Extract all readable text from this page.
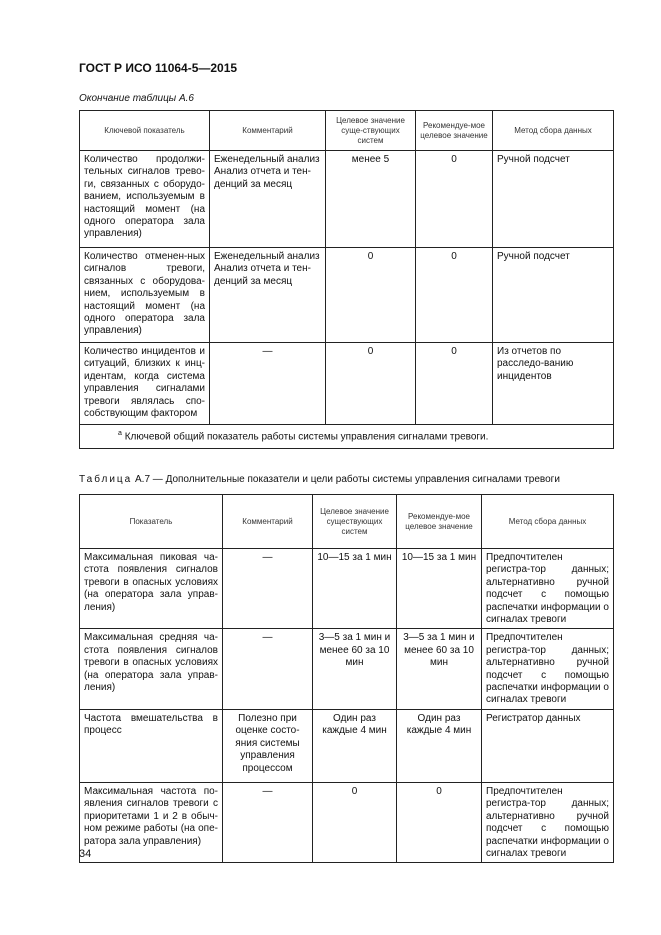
ГОСТ Р ИСО 11064-5—2015
Окончание таблицы А.6
Ключевой показатель	Комментарий	Целевое значение суще-ствующих систем	Рекомендуе-мое целевое значение	Метод сбора данных
Количество продолжи-тельных сигналов трево-ги, связанных с оборудо-ванием, используемым в настоящий момент (на одного оператора зала управления)	Еженедельный анализ Анализ отчета и тен-денций за месяц	менее 5	0	Ручной подсчет
Количество отменен-ных сигналов тревоги, связанных с оборудова-нием, используемым в настоящий момент (на одного оператора зала управления)	Еженедельный анализ Анализ отчета и тен-денций за месяц	0	0	Ручной подсчет
Количество инцидентов и ситуаций, близких к инц-идентам, когда система управления сигналами тревоги являлась спо-собствующим фактором	—	0	0	Из отчетов по расследо-ванию инцидентов
$^а$ Ключевой общий показатель работы системы управления сигналами тревоги.				
Таблица А.7 — Дополнительные показатели и цели работы системы управления сигналами тревоги
Показатель	Комментарий	Целевое значение существующих систем	Рекомендуе-мое целевое значение	Метод сбора данных
Максимальная пиковая ча-стота появления сигналов тревоги в опасных условиях (на оператора зала управ-ления)	—	10—15 за 1 мин	10—15 за 1 мин	Предпочтителен регистра-тор данных; альтернативно ручной подсчет с помощью распечатки информации о сигналах тревоги
Максимальная средняя ча-стота появления сигналов тревоги в опасных условиях (на оператора зала управ-ления)	—	3—5 за 1 мин и менее 60 за 10 мин	3—5 за 1 мин и менее 60 за 10 мин	Предпочтителен регистра-тор данных; альтернативно ручной подсчет с помощью распечатки информации о сигналах тревоги
Частота вмешательства в процесс	Полезно при оценке состо-яния системы управления процессом	Один раз каждые 4 мин	Один раз каждые 4 мин	Регистратор данных
Максимальная частота по-явления сигналов тревоги с приоритетами 1 и 2 в обыч-ном режиме работы (на опе-ратора зала управления)	—	0	0	Предпочтителен регистра-тор данных; альтернативно ручной подсчет с помощью распечатки информации о сигналах тревоги
34
